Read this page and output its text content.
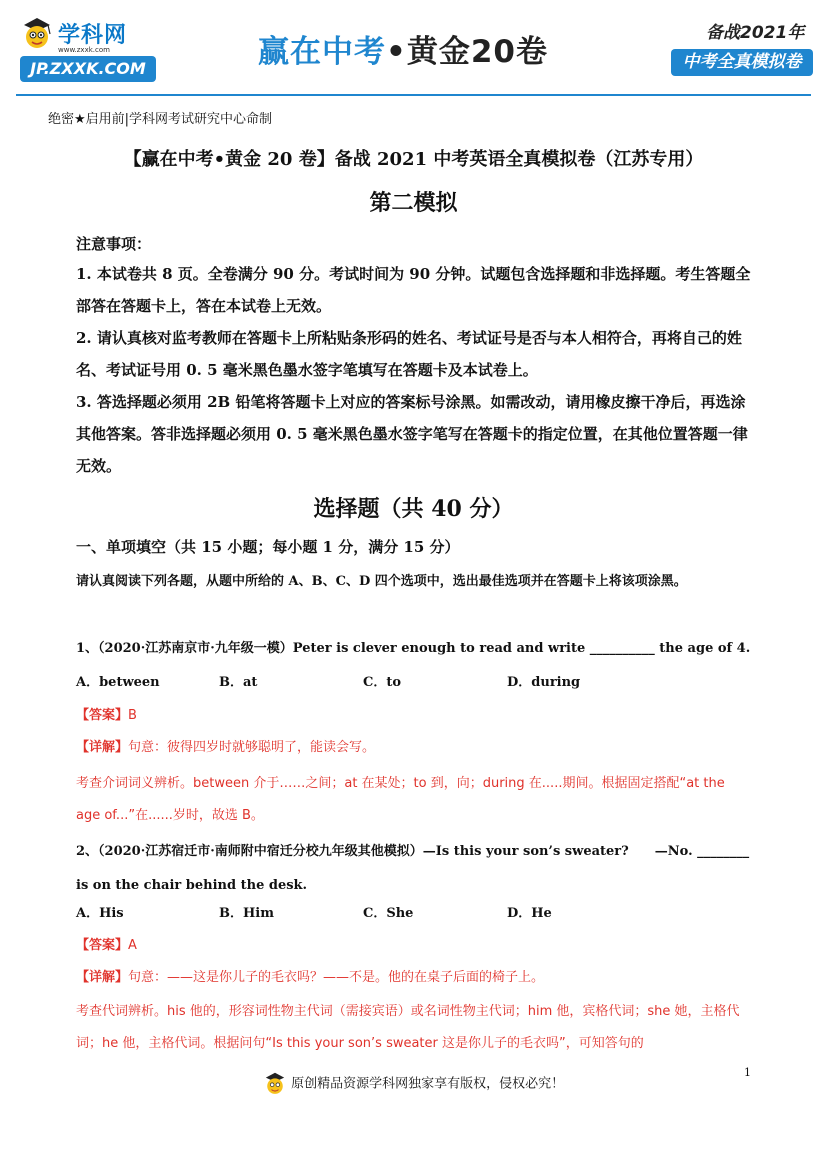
学科网
www.zxxk.com
JP.ZXXK.COM	赢在中考•黄金20卷
备战2021年
中考全真模拟卷
绝密★启用前|学科网考试研究中心命制
【赢在中考•黄金 20 卷】备战 2021 中考英语全真模拟卷（江苏专用）
第二模拟
注意事项：

1. 本试卷共 8 页。全卷满分 90 分。考试时间为 90 分钟。试题包含选择题和非选择题。考生答题全部答在答题卡上，答在本试卷上无效。

2. 请认真核对监考教师在答题卡上所粘贴条形码的姓名、考试证号是否与本人相符合，再将自己的姓名、考试证号用 0. 5 毫米黑色墨水签字笔填写在答题卡及本试卷上。

3. 答选择题必须用 2B 铅笔将答题卡上对应的答案标号涂黑。如需改动，请用橡皮擦干净后，再选涂其他答案。答非选择题必须用 0. 5 毫米黑色墨水签字笔写在答题卡的指定位置，在其他位置答题一律无效。

选择题（共 40 分）
一、单项填空（共 15 小题；每小题 1 分，满分 15 分）
请认真阅读下列各题，从题中所给的 A、B、C、D 四个选项中，选出最佳选项并在答题卡上将该项涂黑。
1、（2020·江苏南京市·九年级一模）Peter is clever enough to read and write __________ the age of 4.
A．between	B．at	C．to	D．during
【答案】B
【详解】句意：彼得四岁时就够聪明了，能读会写。
考查介词词义辨析。between 介于……之间；at 在某处；to 到，向；during 在.....期间。根据固定搭配“at the age of...”在......岁时，故选 B。
2、（2020·江苏宿迁市·南师附中宿迁分校九年级其他模拟）—Is this your son’s sweater?　　—No. ________ is on the chair behind the desk.
A．His	B．Him	C．She	D．He
【答案】A
【详解】句意：——这是你儿子的毛衣吗？——不是。他的在桌子后面的椅子上。
考查代词辨析。his 他的，形容词性物主代词（需接宾语）或名词性物主代词；him 他，宾格代词；she 她，主格代词；he 他，主格代词。根据问句“Is this your son’s sweater 这是你儿子的毛衣吗”，可知答句的
原创精品资源学科网独家享有版权，侵权必究！
1
